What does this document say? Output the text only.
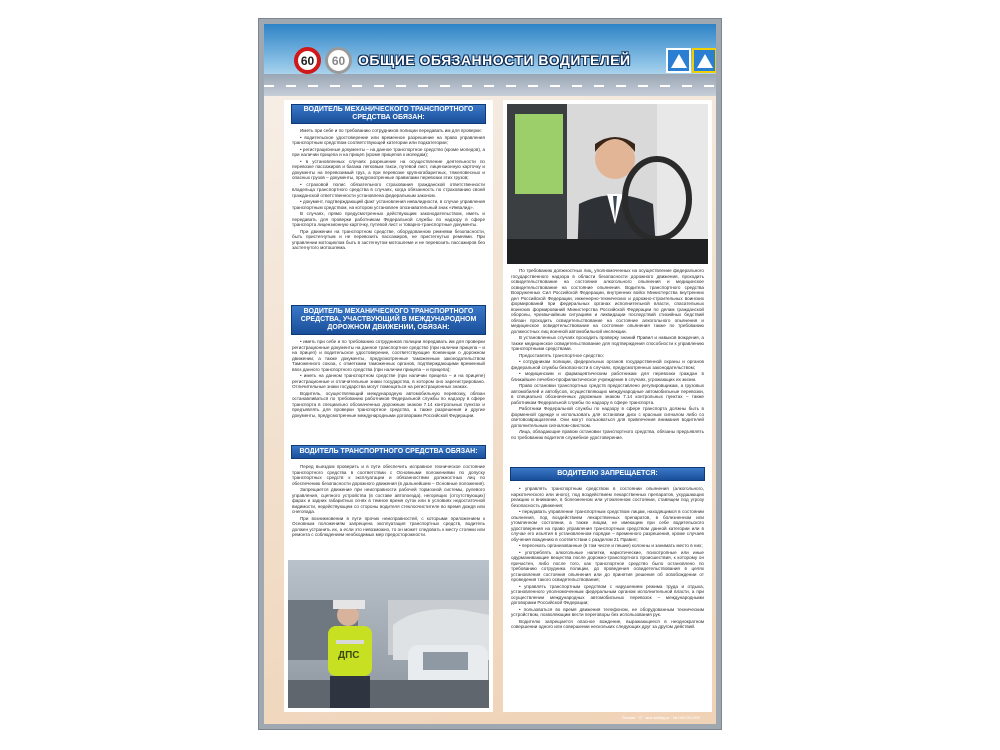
60 60 ОБЩИЕ ОБЯЗАННОСТИ ВОДИТЕЛЕЙ
ВОДИТЕЛЬ МЕХАНИЧЕСКОГО ТРАНСПОРТНОГО СРЕДСТВА ОБЯЗАН:

Иметь при себе и по требованию сотрудников полиции передавать им для проверки:

• водительское удостоверение или временное разрешение на право управления транспортным средством соответствующей категории или подкатегории;

• регистрационные документы – на данное транспортное средство (кроме мопедов), а при наличии прицепа и на прицеп (кроме прицепов к мопедам);

• в установленных случаях разрешение на осуществление деятельности по перевозке пассажиров и багажа легковым такси, путевой лист, лицензионную карточку и документы на перевозимый груз, а при перевозке крупногабаритных, тяжеловесных и опасных грузов – документы, предусмотренные правилами перевозки этих грузов;

• страховой полис обязательного страхования гражданской ответственности владельца транспортного средства в случаях, когда обязанность по страхованию своей гражданской ответственности установлена федеральным законом.

• документ, подтверждающий факт установления инвалидности, в случае управления транспортным средством, на котором установлен опознавательный знак «Инвалид».

В случаях, прямо предусмотренных действующим законодательством, иметь и передавать для проверки работникам Федеральной службы по надзору в сфере транспорта лицензионную карточку, путевой лист и товарно-транспортные документы.

При движении на транспортном средстве, оборудованном ремнями безопасности, быть пристегнутым и не перевозить пассажиров, не пристегнутых ремнями. При управлении мотоциклом быть в застегнутом мотошлеме и не перевозить пассажиров без застегнутого мотошлема.

ВОДИТЕЛЬ МЕХАНИЧЕСКОГО ТРАНСПОРТНОГО СРЕДСТВА, УЧАСТВУЮЩИЙ В МЕЖДУНАРОДНОМ ДОРОЖНОМ ДВИЖЕНИИ, ОБЯЗАН:

• иметь при себе и по требованию сотрудников полиции передавать им для проверки регистрационные документы на данное транспортное средство (при наличии прицепа – и на прицеп) и водительское удостоверение, соответствующие Конвенции о дорожном движении, а также документы, предусмотренные таможенным законодательством Таможенного союза, с отметками таможенных органов, подтверждающими временный ввоз данного транспортного средства (при наличии прицепа – и прицепа);

• иметь на данном транспортном средстве (при наличии прицепа – и на прицепе) регистрационные и отличительные знаки государства, в котором оно зарегистрировано. Отличительные знаки государства могут помещаться на регистрационных знаках.

Водитель, осуществляющий международную автомобильную перевозку, обязан останавливаться по требованию работников Федеральной службы по надзору в сфере транспорта в специально обозначенных дорожным знаком 7.14 контрольных пунктах и предъявлять для проверки транспортное средство, а также разрешения и другие документы, предусмотренные международными договорами Российской Федерации.

ВОДИТЕЛЬ ТРАНСПОРТНОГО СРЕДСТВА ОБЯЗАН:

Перед выездом проверить и в пути обеспечить исправное техническое состояние транспортного средства в соответствии с Основными положениями по допуску транспортных средств к эксплуатации и обязанностями должностных лиц по обеспечению безопасности дорожного движения (в дальнейшем – Основные положения).

Запрещается движение при неисправности рабочей тормозной системы, рулевого управления, сцепного устройства (в составе автопоезда), негорящих (отсутствующих) фарах и задних габаритных огнях в темное время суток или в условиях недостаточной видимости, недействующем со стороны водителя стеклоочистителе во время дождя или снегопада.

При возникновении в пути прочих неисправностей, с которыми приложением к Основным положениям запрещена эксплуатация транспортных средств, водитель должен устранить их, а если это невозможно, то он может следовать к месту стоянки или ремонта с соблюдением необходимых мер предосторожности.

ДПС

По требованию должностных лиц, уполномоченных на осуществление федерального государственного надзора в области безопасности дорожного движения, проходить освидетельствование на состояние алкогольного опьянения и медицинское освидетельствование на состояние опьянения. Водитель транспортного средства Вооруженных Сил Российской Федерации, внутренних войск Министерства внутренних дел Российской Федерации, инженерно-технических и дорожно-строительных воинских формирований при федеральных органах исполнительной власти, спасательных воинских формирований Министерства Российской Федерации по делам гражданской обороны, чрезвычайным ситуациям и ликвидации последствий стихийных бедствий обязан проходить освидетельствование на состояние алкогольного опьянения и медицинское освидетельствование на состояние опьянения также по требованию должностных лиц военной автомобильной инспекции.

В установленных случаях проходить проверку знаний Правил и навыков вождения, а также медицинское освидетельствование для подтверждения способности к управлению транспортными средствами.

Предоставлять транспортное средство:

• сотрудникам полиции, федеральных органов государственной охраны и органов федеральной службы безопасности в случаях, предусмотренных законодательством;

• медицинским и фармацевтическим работникам для перевозки граждан в ближайшее лечебно-профилактическое учреждение в случаях, угрожающих их жизни.

Право остановки транспортных средств предоставлено регулировщикам, а грузовых автомобилей и автобусов, осуществляющих международные автомобильные перевозки, в специально обозначенных дорожным знаком 7.14 контрольных пунктах – также работникам Федеральной службы по надзору в сфере транспорта.

Работники Федеральной службы по надзору в сфере транспорта должны быть в форменной одежде и использовать для остановки диск с красным сигналом либо со световозвращателем. Они могут пользоваться для привлечения внимания водителей дополнительным сигналом-свистком.

Лица, обладающие правом остановки транспортного средства, обязаны предъявлять по требованию водителя служебное удостоверение.

ВОДИТЕЛЮ ЗАПРЕЩАЕТСЯ:

• управлять транспортным средством в состоянии опьянения (алкогольного, наркотического или иного), под воздействием лекарственных препаратов, ухудшающих реакцию и внимание, в болезненном или утомленном состоянии, ставящем под угрозу безопасность движения;

• передавать управление транспортным средством лицам, находящимся в состоянии опьянения, под воздействием лекарственных препаратов, в болезненном или утомленном состоянии, а также лицам, не имеющим при себе водительского удостоверения на право управления транспортным средством данной категории или в случае его изъятия в установленном порядке – временного разрешения, кроме случаев обучения вождению в соответствии с разделом 21 Правил;

• пересекать организованные (в том числе и пешие) колонны и занимать место в них;

• употреблять алкогольные напитки, наркотические, психотропные или иные одурманивающие вещества после дорожно-транспортного происшествия, к которому он причастен, либо после того, как транспортное средство было остановлено по требованию сотрудника полиции, до проведения освидетельствования в целях установления состояния опьянения или до принятия решения об освобождении от проведения такого освидетельствования;

• управлять транспортным средством с нарушением режима труда и отдыха, установленного уполномоченным федеральным органом исполнительной власти, а при осуществлении международных автомобильных перевозок – международными договорами Российской Федерации;

• пользоваться во время движения телефоном, не оборудованным техническим устройством, позволяющим вести переговоры без использования рук.

Водителю запрещается опасное вождение, выражающееся в неоднократном совершении одного или совершении нескольких следующих друг за другом действий.

Лениве · © · мнк.аа№доы · № 000-00-0/00
